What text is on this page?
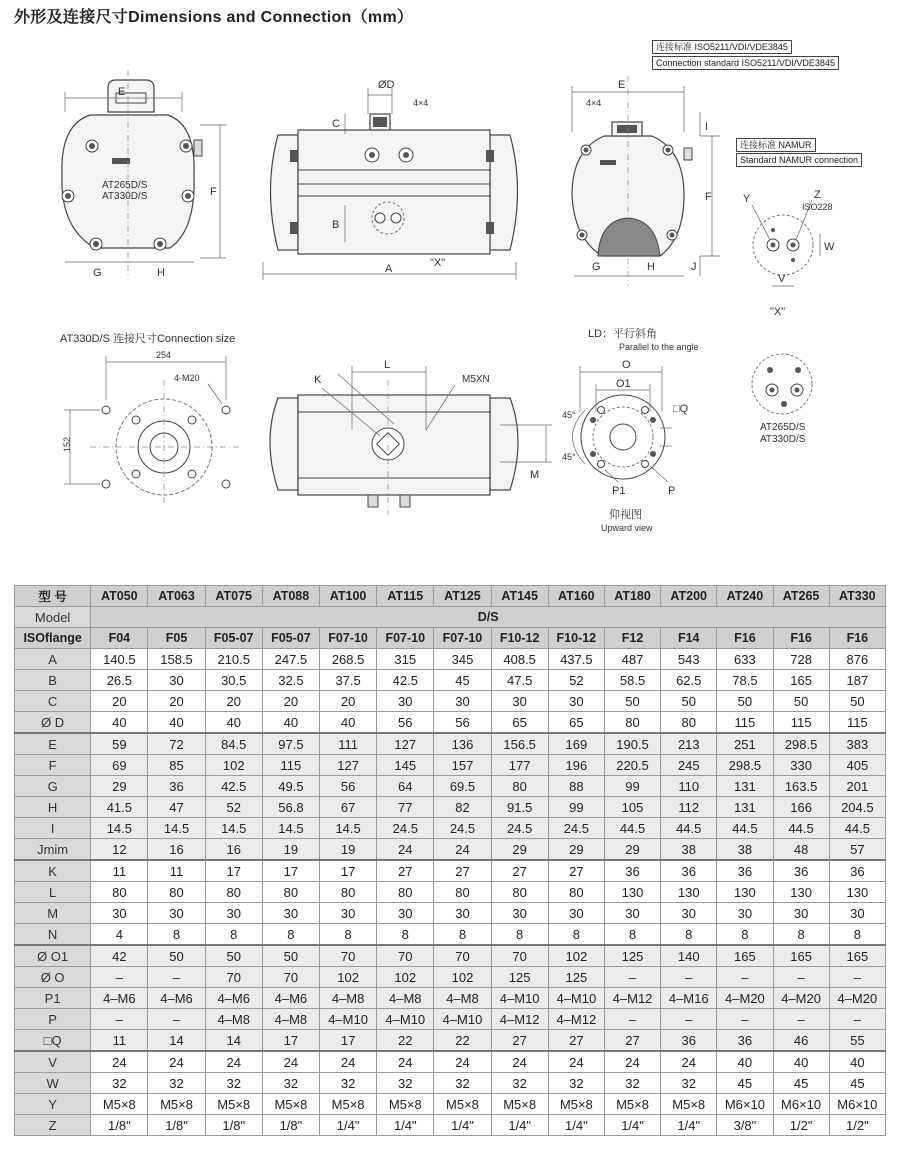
外形及连接尺寸Dimensions and Connection（mm）
E
F
G	H
AT265D/S
AT330D/S
A
C
B
ØD
4×4
"X"
E
4×4
I
F
J
G	H
Y	Z
ISO228
W
V
"X"
AT330D/S 连接尺寸Connection size
254
4-M20
152
L
K	M5XN
M
LD：平行斜角
Parallel to the angle
O
O1
□Q
45°
45°
P1	P
仰视图
Upward view
AT265D/S
AT330D/S
连接标准 ISO5211/VDI/VDE3845
Connection standard ISO5211/VDI/VDE3845
连接标准 NAMUR
Standard NAMUR connection
型 号	AT050	AT063	AT075	AT088	AT100	AT115	AT125	AT145	AT160	AT180	AT200	AT240	AT265	AT330
Model	D/S													
ISOflange	F04	F05	F05-07	F05-07	F07-10	F07-10	F07-10	F10-12	F10-12	F12	F14	F16	F16	F16
A	140.5	158.5	210.5	247.5	268.5	315	345	408.5	437.5	487	543	633	728	876
B	26.5	30	30.5	32.5	37.5	42.5	45	47.5	52	58.5	62.5	78.5	165	187
C	20	20	20	20	20	30	30	30	30	50	50	50	50	50
Ø D	40	40	40	40	40	56	56	65	65	80	80	115	115	115
E	59	72	84.5	97.5	111	127	136	156.5	169	190.5	213	251	298.5	383
F	69	85	102	115	127	145	157	177	196	220.5	245	298.5	330	405
G	29	36	42.5	49.5	56	64	69.5	80	88	99	110	131	163.5	201
H	41.5	47	52	56.8	67	77	82	91.5	99	105	112	131	166	204.5
I	14.5	14.5	14.5	14.5	14.5	24.5	24.5	24.5	24.5	44.5	44.5	44.5	44.5	44.5
Jmim	12	16	16	19	19	24	24	29	29	29	38	38	48	57
K	11	11	17	17	17	27	27	27	27	36	36	36	36	36
L	80	80	80	80	80	80	80	80	80	130	130	130	130	130
M	30	30	30	30	30	30	30	30	30	30	30	30	30	30
N	4	8	8	8	8	8	8	8	8	8	8	8	8	8
Ø O1	42	50	50	50	70	70	70	70	102	125	140	165	165	165
Ø O	–	–	70	70	102	102	102	125	125	–	–	–	–	–
P1	4–M6	4–M6	4–M6	4–M6	4–M8	4–M8	4–M8	4–M10	4–M10	4–M12	4–M16	4–M20	4–M20	4–M20
P	–	–	4–M8	4–M8	4–M10	4–M10	4–M10	4–M12	4–M12	–	–	–	–	–
□Q	11	14	14	17	17	22	22	27	27	27	36	36	46	55
V	24	24	24	24	24	24	24	24	24	24	24	40	40	40
W	32	32	32	32	32	32	32	32	32	32	32	45	45	45
Y	M5×8	M5×8	M5×8	M5×8	M5×8	M5×8	M5×8	M5×8	M5×8	M5×8	M5×8	M6×10	M6×10	M6×10
Z	1/8"	1/8"	1/8"	1/8"	1/4"	1/4"	1/4"	1/4"	1/4"	1/4"	1/4"	3/8"	1/2"	1/2"
